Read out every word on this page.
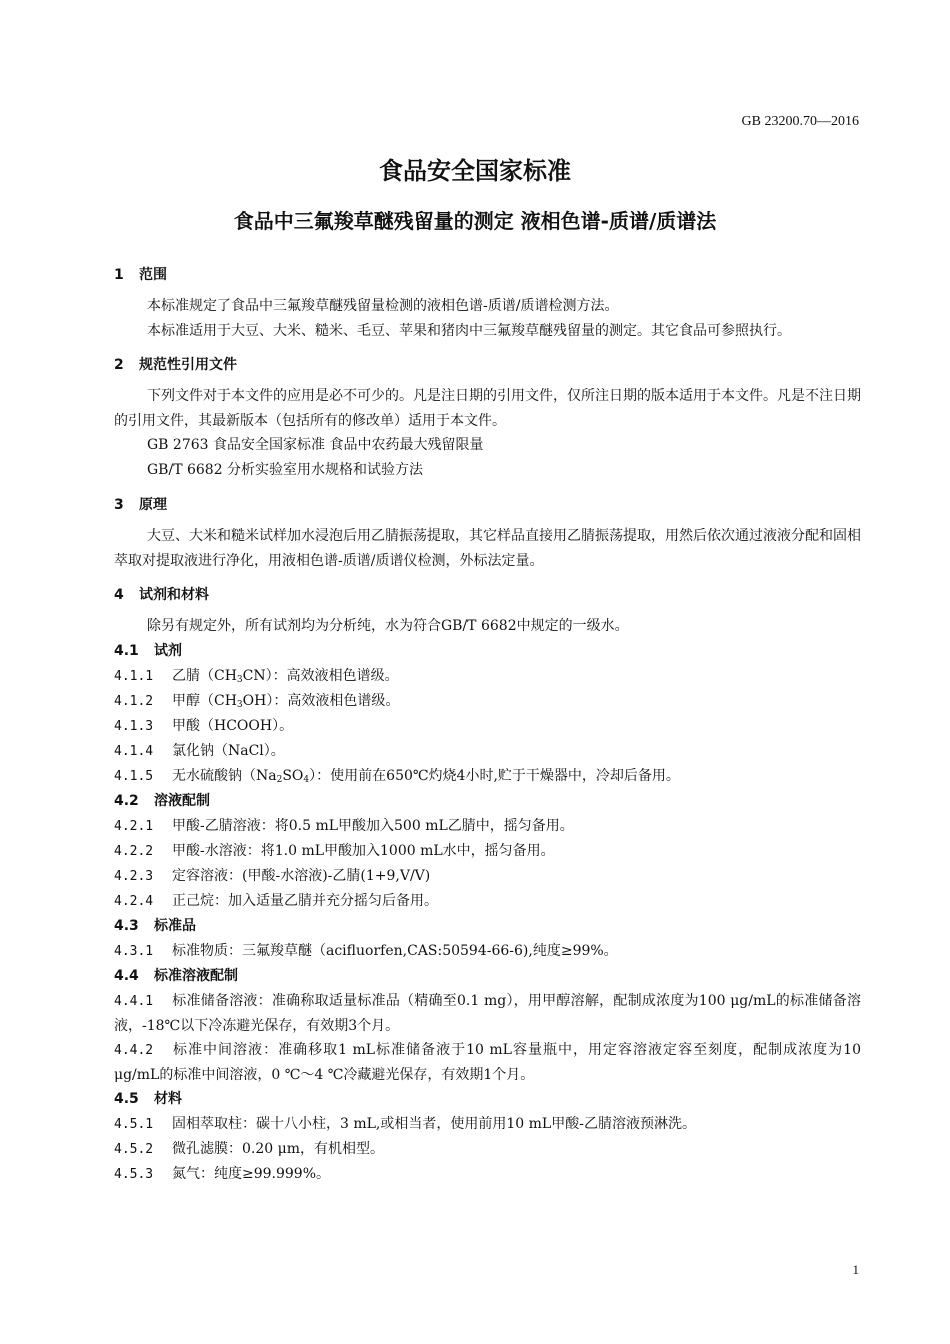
GB 23200.70—2016
食品安全国家标准
食品中三氟羧草醚残留量的测定 液相色谱-质谱/质谱法

1 范围

本标准规定了食品中三氟羧草醚残留量检测的液相色谱-质谱/质谱检测方法。

本标准适用于大豆、大米、糙米、毛豆、苹果和猪肉中三氟羧草醚残留量的测定。其它食品可参照执行。

2 规范性引用文件

下列文件对于本文件的应用是必不可少的。凡是注日期的引用文件，仅所注日期的版本适用于本文件。凡是不注日期的引用文件，其最新版本（包括所有的修改单）适用于本文件。

GB 2763 食品安全国家标准 食品中农药最大残留限量

GB/T 6682 分析实验室用水规格和试验方法

3 原理

大豆、大米和糙米试样加水浸泡后用乙腈振荡提取，其它样品直接用乙腈振荡提取，用然后依次通过液液分配和固相萃取对提取液进行净化，用液相色谱-质谱/质谱仪检测，外标法定量。

4 试剂和材料

除另有规定外，所有试剂均为分析纯，水为符合GB/T 6682中规定的一级水。

4.1 试剂

4.1.1 乙腈$(CH_3CN)$：高效液相色谱级。

4.1.2 甲醇$(CH_3OH)$：高效液相色谱级。

4.1.3 甲酸（HCOOH）。

4.1.4 氯化钠（NaCl）。

4.1.5 无水硫酸钠$(Na_2SO_4)$：使用前在650℃灼烧4小时,贮于干燥器中，冷却后备用。

4.2 溶液配制

4.2.1 甲酸-乙腈溶液：将0.5 mL甲酸加入500 mL乙腈中，摇匀备用。

4.2.2 甲酸-水溶液：将1.0 mL甲酸加入1000 mL水中，摇匀备用。

4.2.3 定容溶液：(甲酸-水溶液)-乙腈(1+9,V/V)

4.2.4 正己烷：加入适量乙腈并充分摇匀后备用。

4.3 标准品

4.3.1 标准物质：三氟羧草醚（acifluorfen,CAS:50594-66-6),纯度≥99%。

4.4 标准溶液配制

4.4.1 标准储备溶液：准确称取适量标准品（精确至0.1 mg），用甲醇溶解，配制成浓度为100 μg/mL的标准储备溶液，-18℃以下冷冻避光保存，有效期3个月。

4.4.2 标准中间溶液：准确移取1 mL标准储备液于10 mL容量瓶中，用定容溶液定容至刻度，配制成浓度为10 μg/mL的标准中间溶液，0 ℃～4 ℃冷藏避光保存，有效期1个月。

4.5 材料

4.5.1 固相萃取柱：碳十八小柱，3 mL,或相当者，使用前用10 mL甲酸-乙腈溶液预淋洗。

4.5.2 微孔滤膜：0.20 μm，有机相型。

4.5.3 氮气：纯度≥99.999%。

1
